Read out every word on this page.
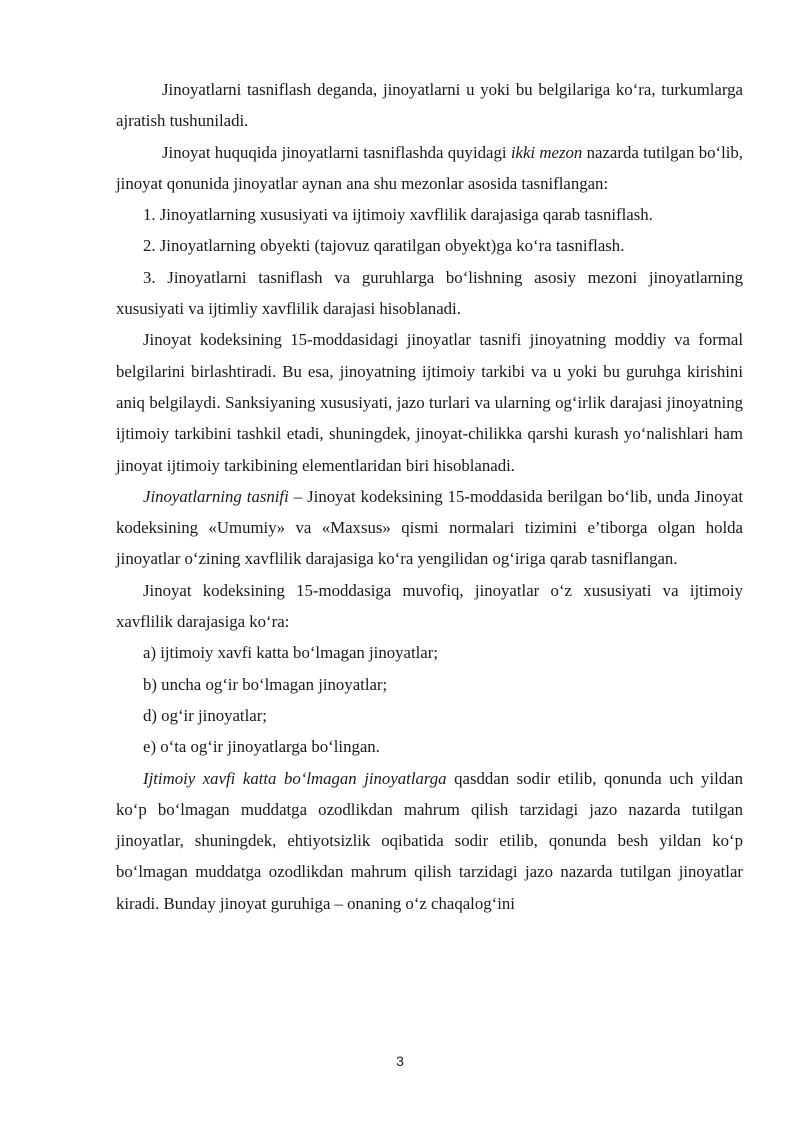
Jinoyatlarni tasniflash deganda, jinoyatlarni u yoki bu belgilariga ko‘ra, turkumlarga ajratish tushuniladi.

Jinoyat huquqida jinoyatlarni tasniflashda quyidagi ikki mezon nazarda tutilgan bo‘lib, jinoyat qonunida jinoyatlar aynan ana shu mezonlar asosida tasniflangan:

1. Jinoyatlarning xususiyati va ijtimoiy xavflilik darajasiga qarab tasniflash.

2. Jinoyatlarning obyekti (tajovuz qaratilgan obyekt)ga ko‘ra tasniflash.

3. Jinoyatlarni tasniflash va guruhlarga bo‘lishning asosiy mezoni jinoyatlarning xususiyati va ijtimliy xavflilik darajasi hisoblanadi.

Jinoyat kodeksining 15-moddasidagi jinoyatlar tasnifi jinoyatning moddiy va formal belgilarini birlashtiradi. Bu esa, jinoyatning ijtimoiy tarkibi va u yoki bu guruhga kirishini aniq belgilaydi. Sanksiyaning xususiyati, jazo turlari va ularning og‘irlik darajasi jinoyatning ijtimoiy tarkibini tashkil etadi, shuningdek, jinoyat-chilikka qarshi kurash yo‘nalishlari ham jinoyat ijtimoiy tarkibining elementlaridan biri hisoblanadi.

Jinoyatlarning tasnifi – Jinoyat kodeksining 15-moddasida berilgan bo‘lib, unda Jinoyat kodeksining «Umumiy» va «Maxsus» qismi normalari tizimini e’tiborga olgan holda jinoyatlar o‘zining xavflilik darajasiga ko‘ra yengilidan og‘iriga qarab tasniflangan.

Jinoyat kodeksining 15-moddasiga muvofiq, jinoyatlar o‘z xususiyati va ijtimoiy xavflilik darajasiga ko‘ra:

a) ijtimoiy xavfi katta bo‘lmagan jinoyatlar;

b) uncha og‘ir bo‘lmagan jinoyatlar;

d) og‘ir jinoyatlar;

e) o‘ta og‘ir jinoyatlarga bo‘lingan.

Ijtimoiy xavfi katta bo‘lmagan jinoyatlarga qasddan sodir etilib, qonunda uch yildan ko‘p bo‘lmagan muddatga ozodlikdan mahrum qilish tarzidagi jazo nazarda tutilgan jinoyatlar, shuningdek, ehtiyotsizlik oqibatida sodir etilib, qonunda besh yildan ko‘p bo‘lmagan muddatga ozodlikdan mahrum qilish tarzidagi jazo nazarda tutilgan jinoyatlar kiradi. Bunday jinoyat guruhiga – onaning o‘z chaqalog‘ini

3
